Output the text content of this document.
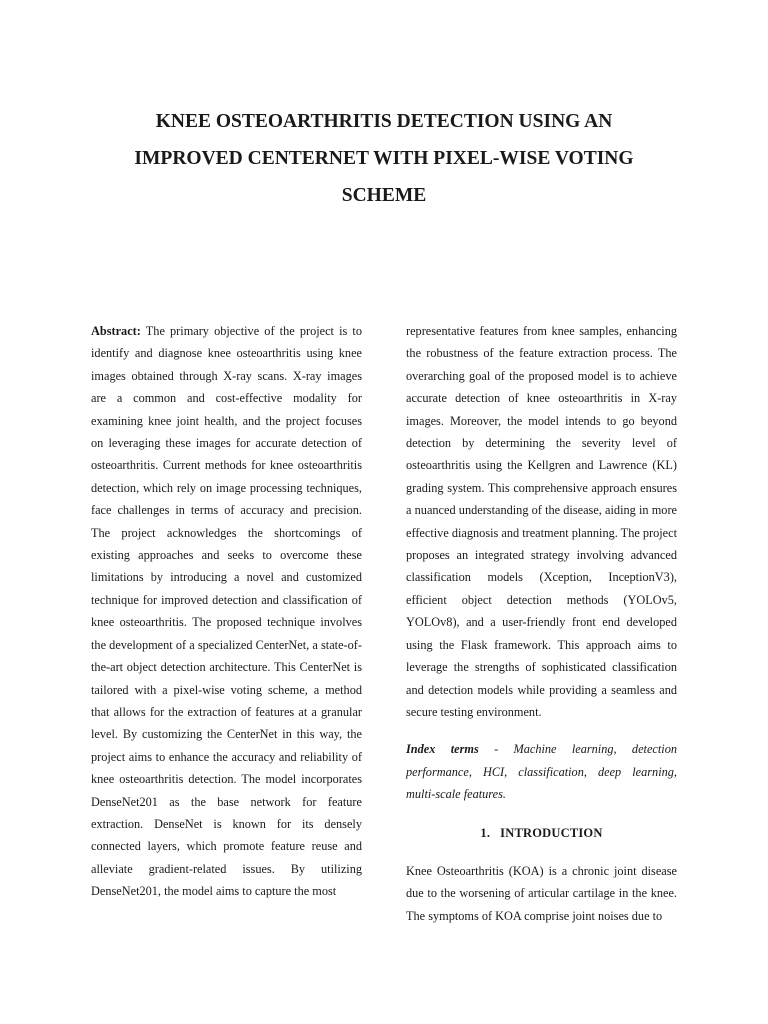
KNEE OSTEOARTHRITIS DETECTION USING AN
IMPROVED CENTERNET WITH PIXEL-WISE VOTING
SCHEME

Abstract: The primary objective of the project is to identify and diagnose knee osteoarthritis using knee images obtained through X-ray scans. X-ray images are a common and cost-effective modality for examining knee joint health, and the project focuses on leveraging these images for accurate detection of osteoarthritis. Current methods for knee osteoarthritis detection, which rely on image processing techniques, face challenges in terms of accuracy and precision. The project acknowledges the shortcomings of existing approaches and seeks to overcome these limitations by introducing a novel and customized technique for improved detection and classification of knee osteoarthritis. The proposed technique involves the development of a specialized CenterNet, a state-of-the-art object detection architecture. This CenterNet is tailored with a pixel-wise voting scheme, a method that allows for the extraction of features at a granular level. By customizing the CenterNet in this way, the project aims to enhance the accuracy and reliability of knee osteoarthritis detection. The model incorporates DenseNet201 as the base network for feature extraction. DenseNet is known for its densely connected layers, which promote feature reuse and alleviate gradient-related issues. By utilizing DenseNet201, the model aims to capture the most

representative features from knee samples, enhancing the robustness of the feature extraction process. The overarching goal of the proposed model is to achieve accurate detection of knee osteoarthritis in X-ray images. Moreover, the model intends to go beyond detection by determining the severity level of osteoarthritis using the Kellgren and Lawrence (KL) grading system. This comprehensive approach ensures a nuanced understanding of the disease, aiding in more effective diagnosis and treatment planning. The project proposes an integrated strategy involving advanced classification models (Xception, InceptionV3), efficient object detection methods (YOLOv5, YOLOv8), and a user-friendly front end developed using the Flask framework. This approach aims to leverage the strengths of sophisticated classification and detection models while providing a seamless and secure testing environment.

Index terms - Machine learning, detection performance, HCI, classification, deep learning, multi-scale features.

1. INTRODUCTION

Knee Osteoarthritis (KOA) is a chronic joint disease due to the worsening of articular cartilage in the knee. The symptoms of KOA comprise joint noises due to
